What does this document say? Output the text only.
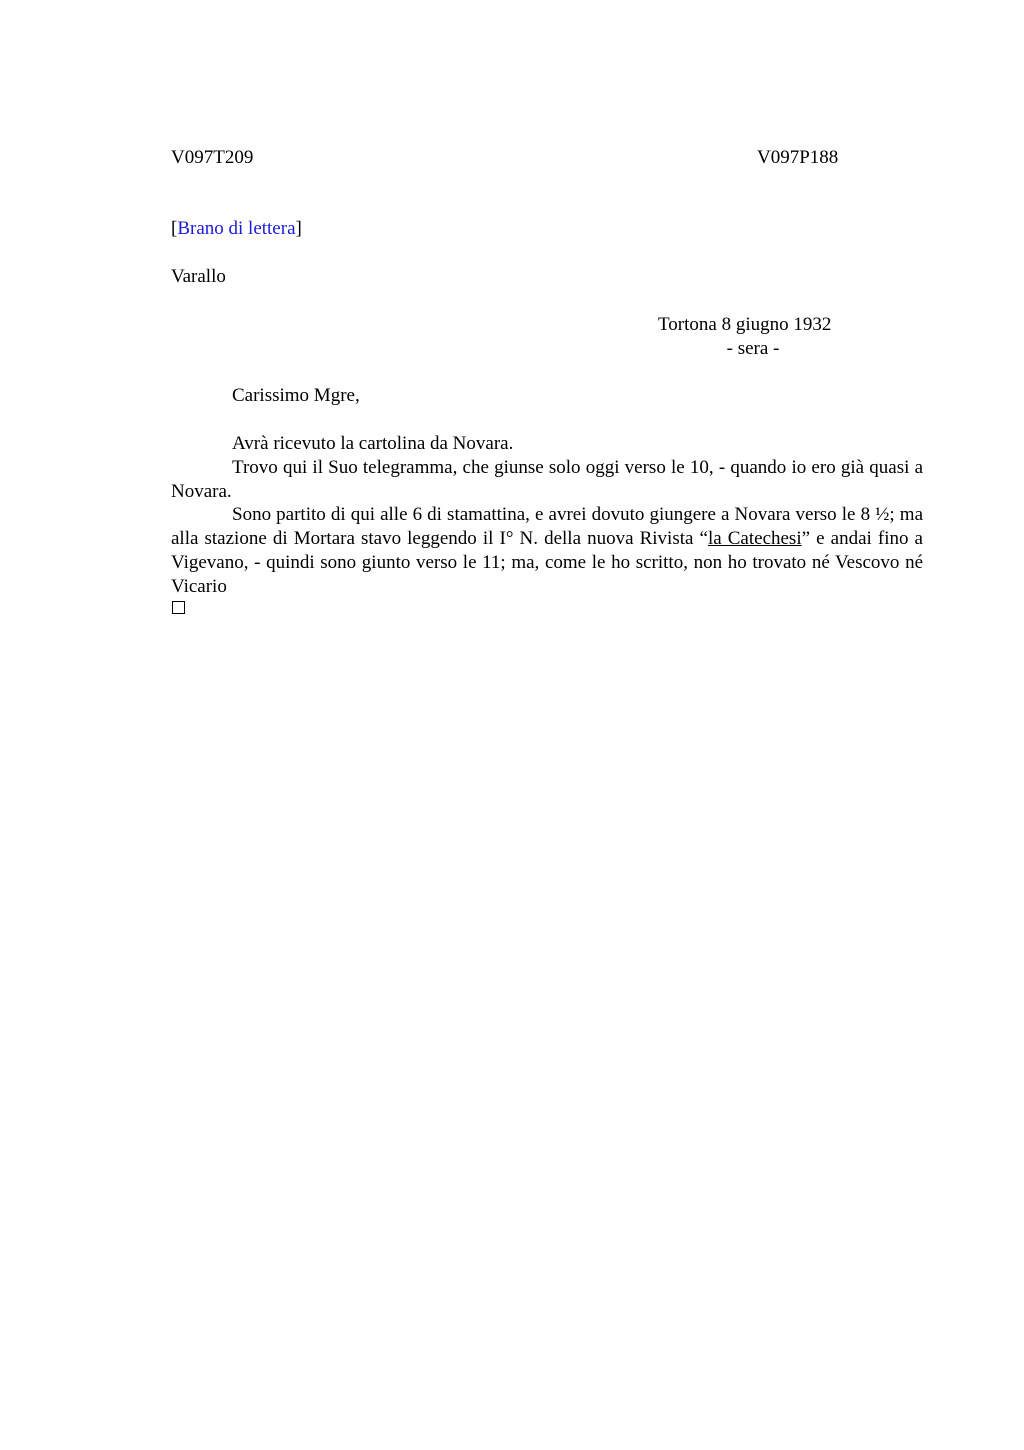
V097T209	V097P188
[Brano di lettera]
Varallo
Tortona 8 giugno 1932
- sera -
Carissimo Mgre,
Avrà ricevuto la cartolina da Novara.
Trovo qui il Suo telegramma, che giunse solo oggi verso le 10, - quando io ero già quasi a Novara.
Sono partito di qui alle 6 di stamattina, e avrei dovuto giungere a Novara verso le 8 ½; ma alla stazione di Mortara stavo leggendo il I° N. della nuova Rivista “la Catechesi” e andai fino a Vigevano, - quindi sono giunto verso le 11; ma, come le ho scritto, non ho trovato né Vescovo né Vicario
